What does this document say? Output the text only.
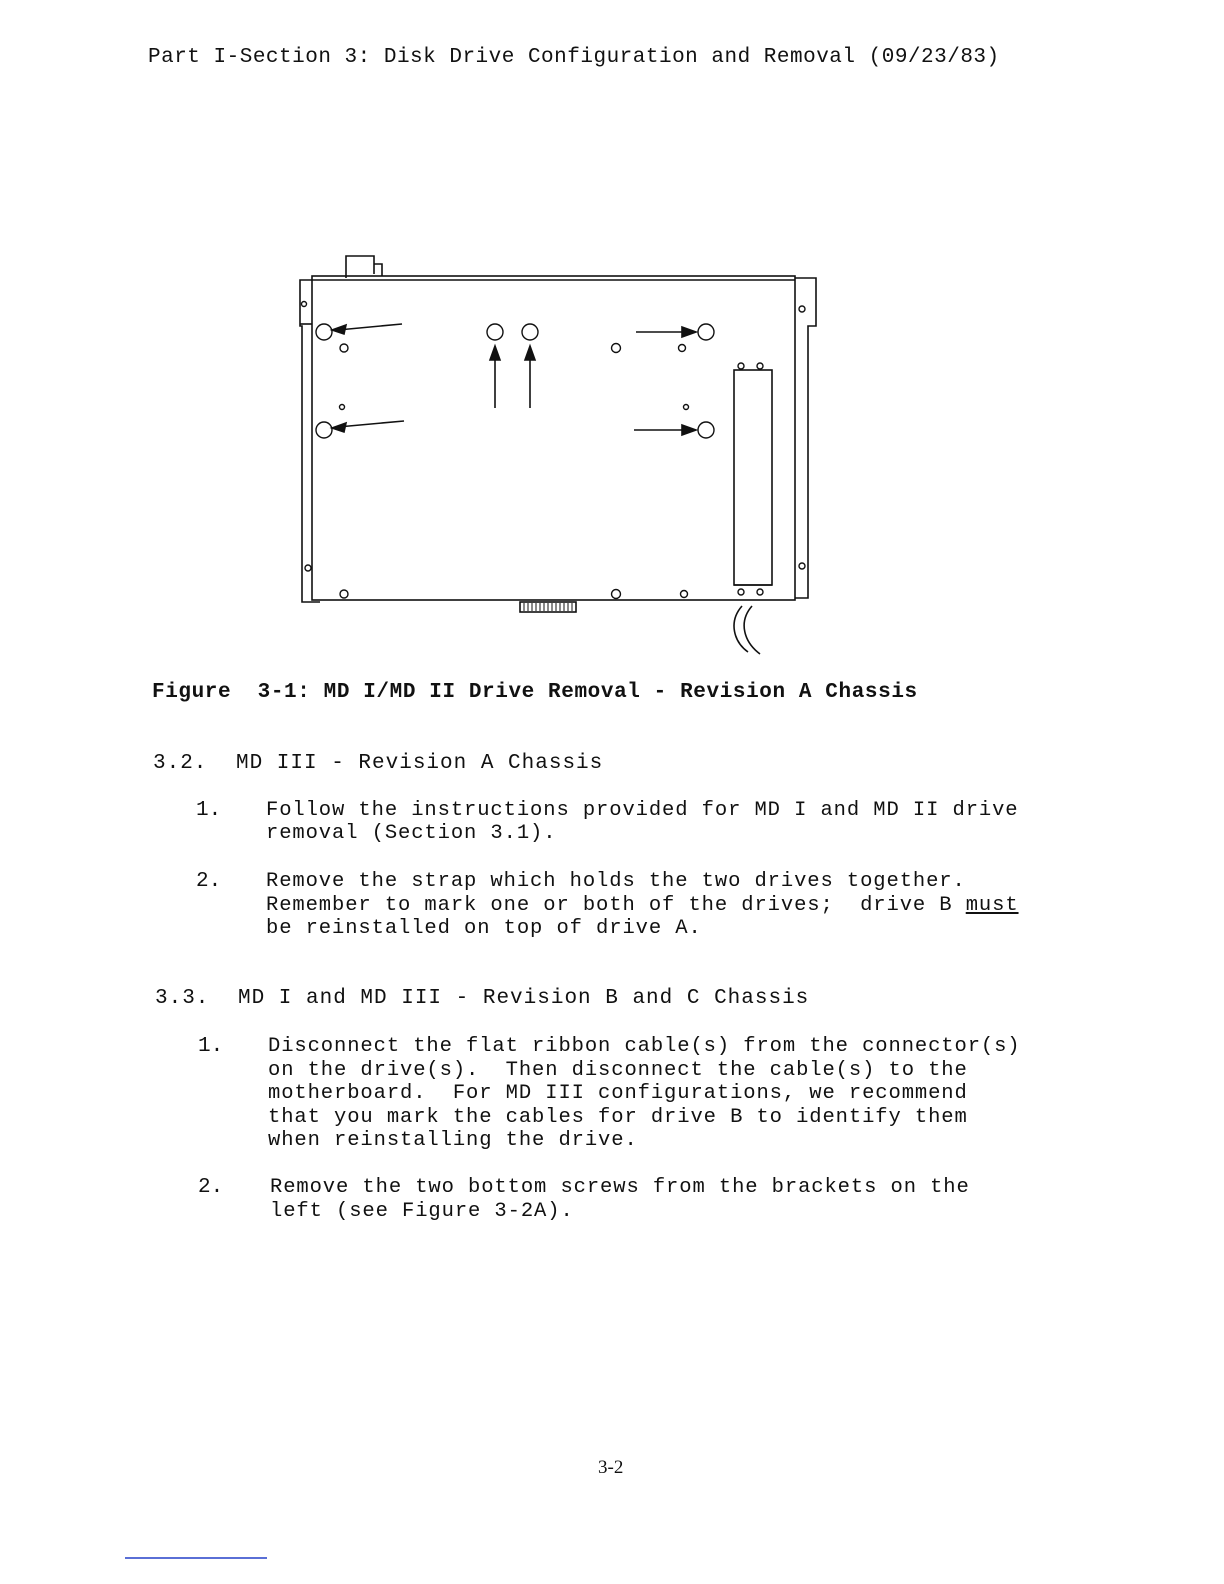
Part I-Section 3: Disk Drive Configuration and Removal (09/23/83)
Figure  3-1: MD I/MD II Drive Removal - Revision A Chassis
3.2. MD III - Revision A Chassis
1. Follow the instructions provided for MD I and MD II drive
removal (Section 3.1).
2. Remove the strap which holds the two drives together.
Remember to mark one or both of the drives;  drive B must
be reinstalled on top of drive A.
3.3. MD I and MD III - Revision B and C Chassis
1. Disconnect the flat ribbon cable(s) from the connector(s)
on the drive(s).  Then disconnect the cable(s) to the
motherboard.  For MD III configurations, we recommend
that you mark the cables for drive B to identify them
when reinstalling the drive.
2. Remove the two bottom screws from the brackets on the
left (see Figure 3-2A).
3-2
